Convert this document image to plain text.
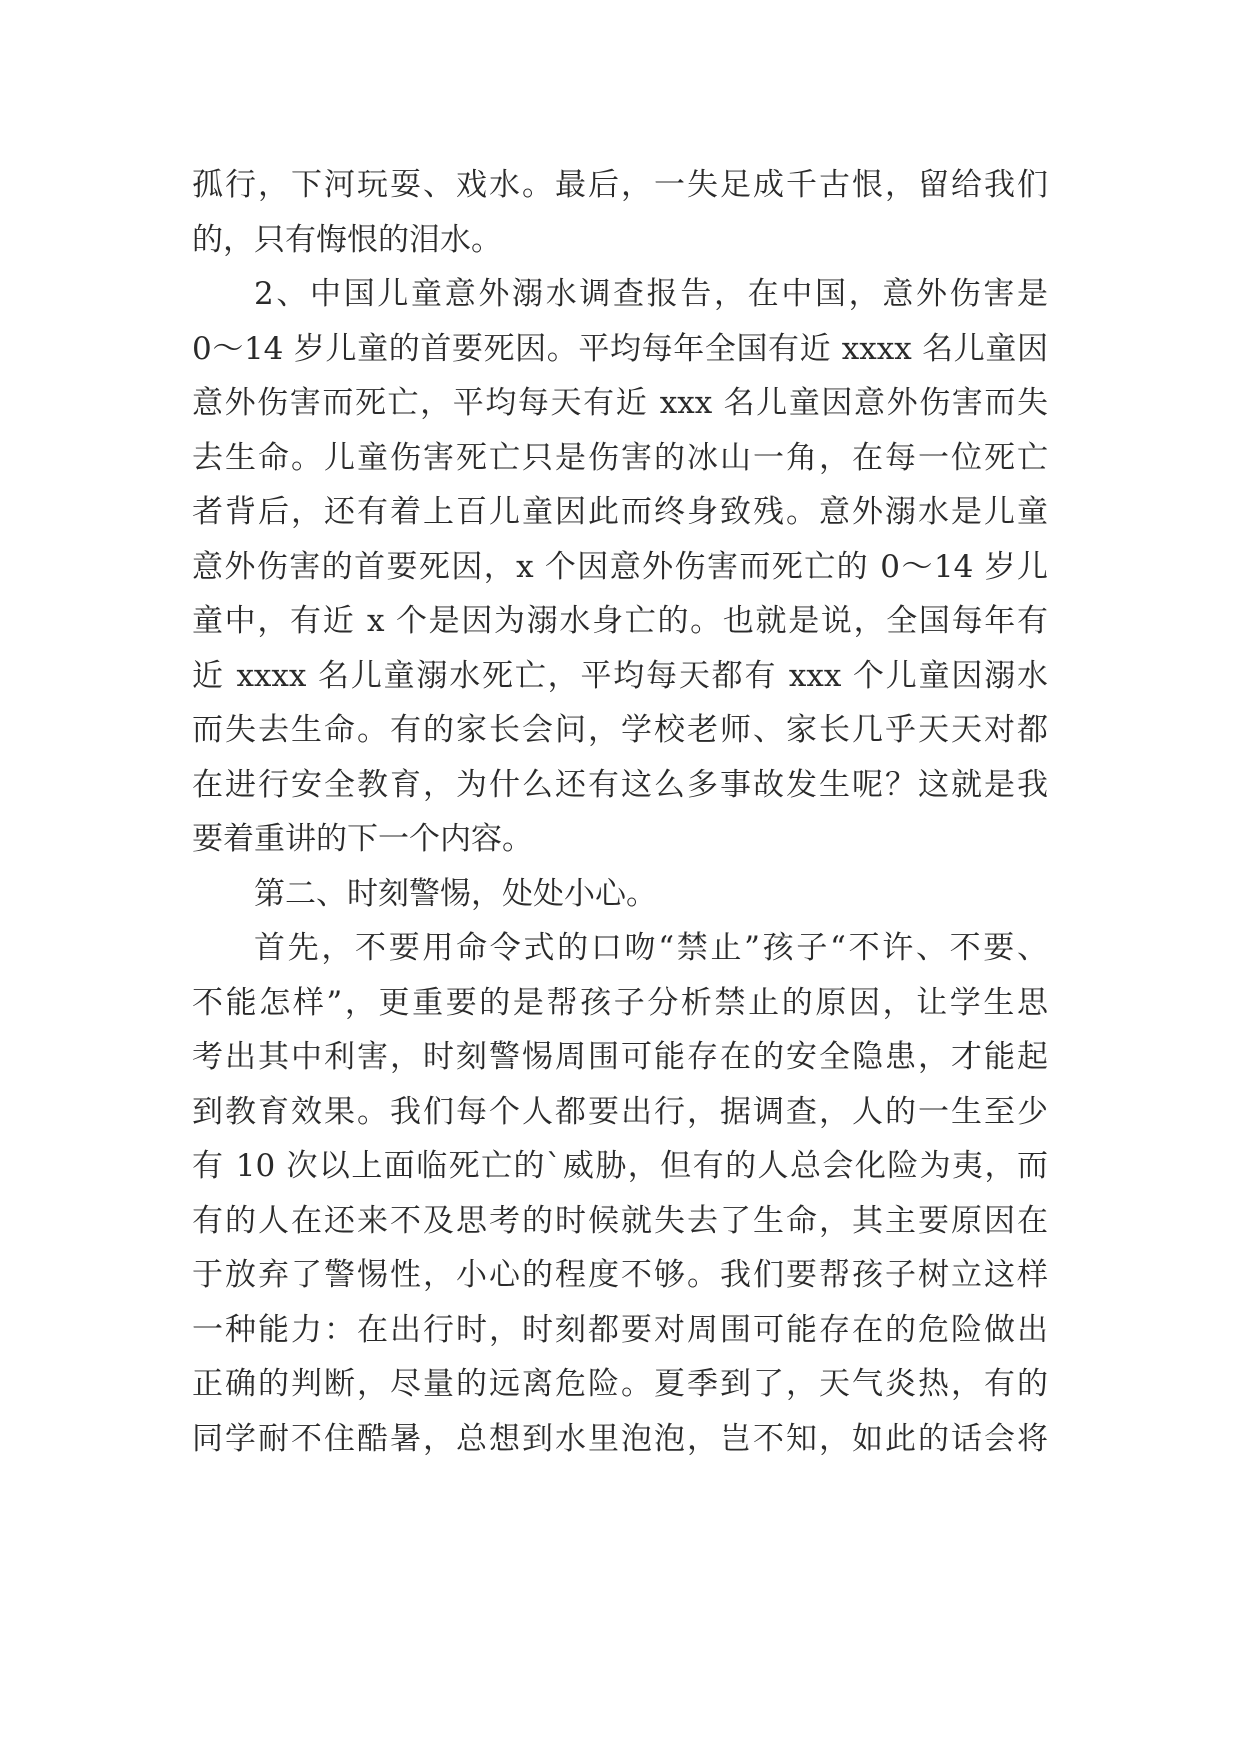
孤行，下河玩耍、戏水。最后，一失足成千古恨，留给我们
的，只有悔恨的泪水。
2、中国儿童意外溺水调查报告，在中国，意外伤害是
0～14 岁儿童的首要死因。平均每年全国有近 xxxx 名儿童因
意外伤害而死亡，平均每天有近 xxx 名儿童因意外伤害而失
去生命。儿童伤害死亡只是伤害的冰山一角，在每一位死亡
者背后，还有着上百儿童因此而终身致残。意外溺水是儿童
意外伤害的首要死因，x 个因意外伤害而死亡的 0～14 岁儿
童中，有近 x 个是因为溺水身亡的。也就是说，全国每年有
近 xxxx 名儿童溺水死亡，平均每天都有 xxx 个儿童因溺水
而失去生命。有的家长会问，学校老师、家长几乎天天对都
在进行安全教育，为什么还有这么多事故发生呢？这就是我
要着重讲的下一个内容。
第二、时刻警惕，处处小心。
首先，不要用命令式的口吻“禁止”孩子“不许、不要、
不能怎样”，更重要的是帮孩子分析禁止的原因，让学生思
考出其中利害，时刻警惕周围可能存在的安全隐患，才能起
到教育效果。我们每个人都要出行，据调查，人的一生至少
有 10 次以上面临死亡的`威胁，但有的人总会化险为夷，而
有的人在还来不及思考的时候就失去了生命，其主要原因在
于放弃了警惕性，小心的程度不够。我们要帮孩子树立这样
一种能力：在出行时，时刻都要对周围可能存在的危险做出
正确的判断，尽量的远离危险。夏季到了，天气炎热，有的
同学耐不住酷暑，总想到水里泡泡，岂不知，如此的话会将
